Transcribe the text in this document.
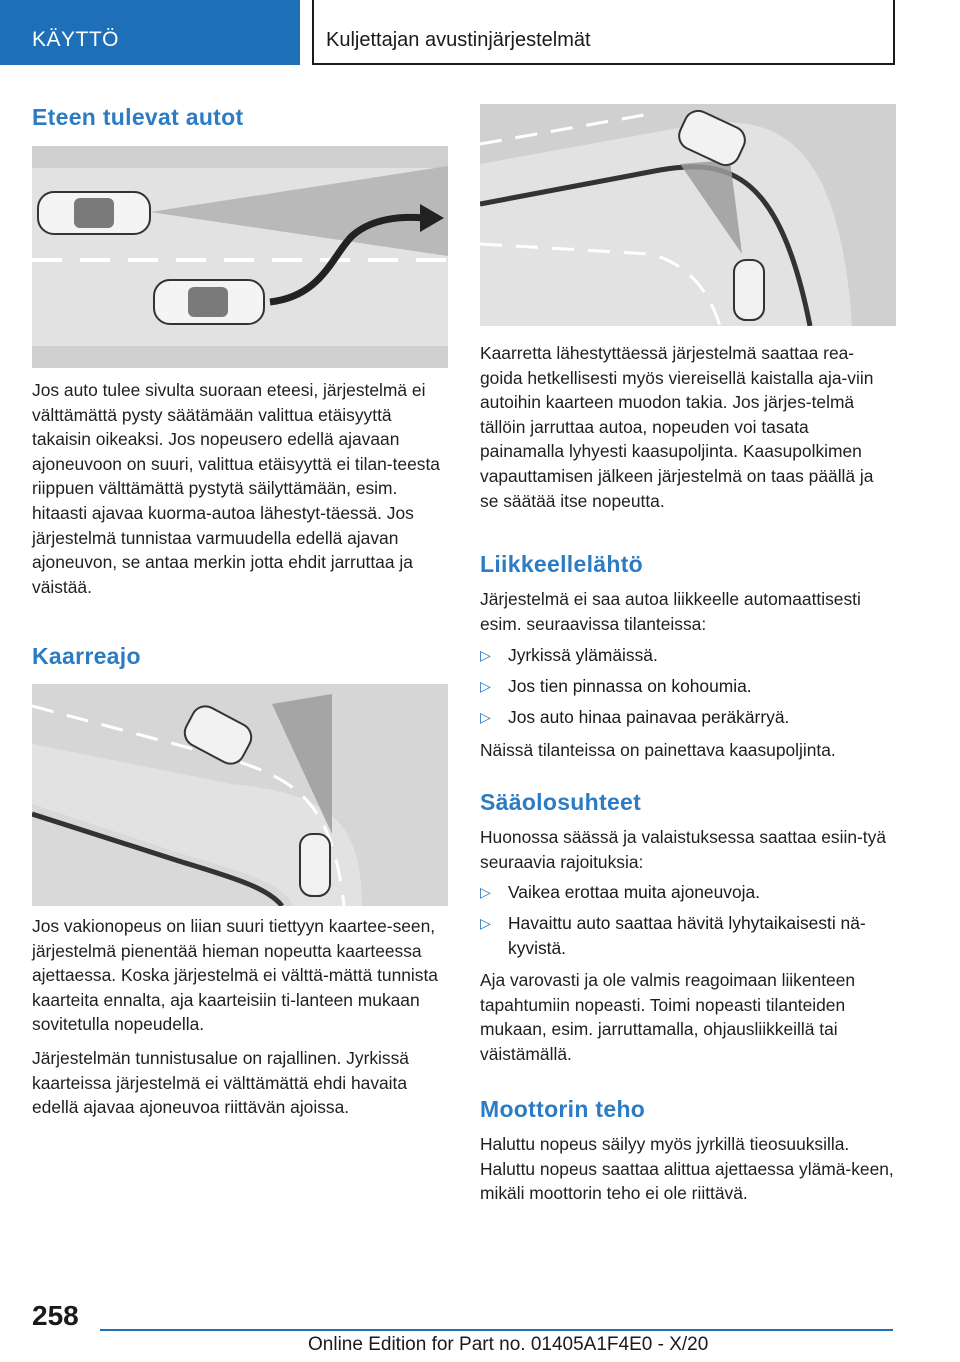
KÄYTTÖ	Kuljettajan avustinjärjestelmät
Eteen tulevat autot

Jos auto tulee sivulta suoraan eteesi, järjestelmä ei välttämättä pysty säätämään valittua etäisyyttä takaisin oikeaksi. Jos nopeusero edellä ajavaan ajoneuvoon on suuri, valittua etäisyyttä ei tilan-teesta riippuen välttämättä pystytä säilyttämään, esim. hitaasti ajavaa kuorma-autoa lähestyt-täessä. Jos järjestelmä tunnistaa varmuudella edellä ajavan ajoneuvon, se antaa merkin jotta ehdit jarruttaa ja väistää.

Kaarreajo

Jos vakionopeus on liian suuri tiettyyn kaartee-seen, järjestelmä pienentää hieman nopeutta kaarteessa ajettaessa. Koska järjestelmä ei välttä-mättä tunnista kaarteita ennalta, aja kaarteisiin ti-lanteen mukaan sovitetulla nopeudella.

Järjestelmän tunnistusalue on rajallinen. Jyrkissä kaarteissa järjestelmä ei välttämättä ehdi havaita edellä ajavaa ajoneuvoa riittävän ajoissa.

Kaarretta lähestyttäessä järjestelmä saattaa rea-goida hetkellisesti myös viereisellä kaistalla aja-viin autoihin kaarteen muodon takia. Jos järjes-telmä tällöin jarruttaa autoa, nopeuden voi tasata painamalla lyhyesti kaasupoljinta. Kaasupolkimen vapauttamisen jälkeen järjestelmä on taas päällä ja se säätää itse nopeutta.

Liikkeellelähtö

Järjestelmä ei saa autoa liikkeelle automaattisesti esim. seuraavissa tilanteissa:

▷ Jyrkissä ylämäissä.
▷ Jos tien pinnassa on kohoumia.
▷ Jos auto hinaa painavaa peräkärryä.

Näissä tilanteissa on painettava kaasupoljinta.

Sääolosuhteet

Huonossa säässä ja valaistuksessa saattaa esiin-tyä seuraavia rajoituksia:

▷ Vaikea erottaa muita ajoneuvoja.
▷ Havaittu auto saattaa hävitä lyhytaikaisesti nä-kyvistä.

Aja varovasti ja ole valmis reagoimaan liikenteen tapahtumiin nopeasti. Toimi nopeasti tilanteiden mukaan, esim. jarruttamalla, ohjausliikkeillä tai väistämällä.

Moottorin teho

Haluttu nopeus säilyy myös jyrkillä tieosuuksilla. Haluttu nopeus saattaa alittua ajettaessa ylämä-keen, mikäli moottorin teho ei ole riittävä.

258
Online Edition for Part no. 01405A1F4E0 - X/20
